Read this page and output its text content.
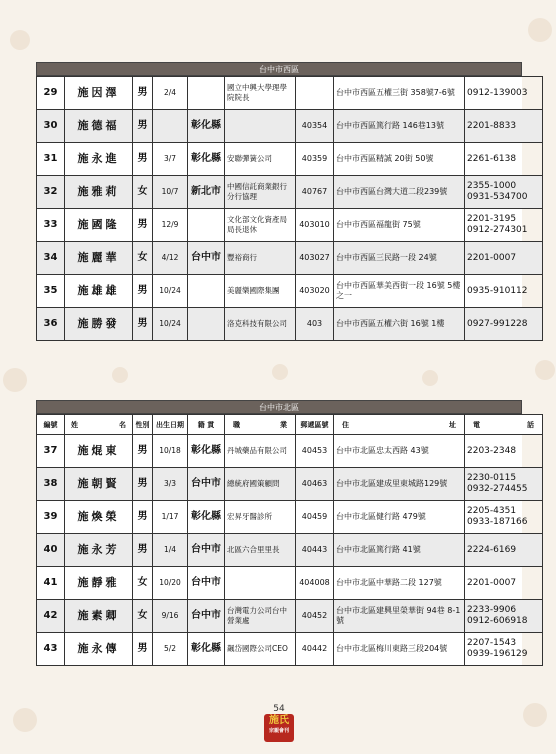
台中市西區
29	施因澤	男	2/4		國立中興大學理學院院長		台中市西區五權三街 358號7-6號	0912-139003

30	施德福	男		彰化縣		40354	台中市西區篤行路 146巷13號	2201-8833

31	施永進	男	3/7	彰化縣	安聯彈簧公司	40359	台中市西區精誠 20街 50號	2261-6138

32	施雅莉	女	10/7	新北市	中國信託商業銀行分行協理	40767	台中市西區台灣大道二段239號	2355-1000
0931-534700

33	施國隆	男	12/9		文化部文化資產局 局長退休	403010	台中市西區福龍街 75號	2201-3195
0912-274301

34	施麗華	女	4/12	台中市	豐裕商行	403027	台中市西區三民路一段 24號	2201-0007

35	施雄雄	男	10/24		美麗樂國際集團	403020	台中市西區華美西街一段 16號 5樓之一	0935-910112

36	施勝發	男	10/24		洛克科技有限公司	403	台中市西區五權六街 16號 1樓	0927-991228
台中市北區
編號	姓 名	性別	出生日期	籍 貫	職 業	郵遞區號	住 址	電 話

37	施焜東	男	10/18	彰化縣	丹城藥品有限公司	40453	台中市北區忠太西路 43號	2203-2348

38	施朝賢	男	3/3	台中市	總統府國策顧問	40463	台中市北區建成里東城路129號	2230-0115
0932-274455

39	施煥榮	男	1/17	彰化縣	宏昇牙醫診所	40459	台中市北區健行路 479號	2205-4351
0933-187166

40	施永芳	男	1/4	台中市	北區六合里里長	40443	台中市北區篤行路 41號	2224-6169

41	施靜雅	女	10/20	台中市		404008	台中市北區中華路二段 127號	2201-0007

42	施素卿	女	9/16	台中市	台灣電力公司台中營業處	40452	台中市北區建興里榮華街 94巷 8-1號	2233-9906
0912-606918

43	施永傳	男	5/2	彰化縣	飆岱國際公司CEO	40442	台中市北區梅川東路三段204號	2207-1543
0939-196129
54
施氏
宗親會刊
